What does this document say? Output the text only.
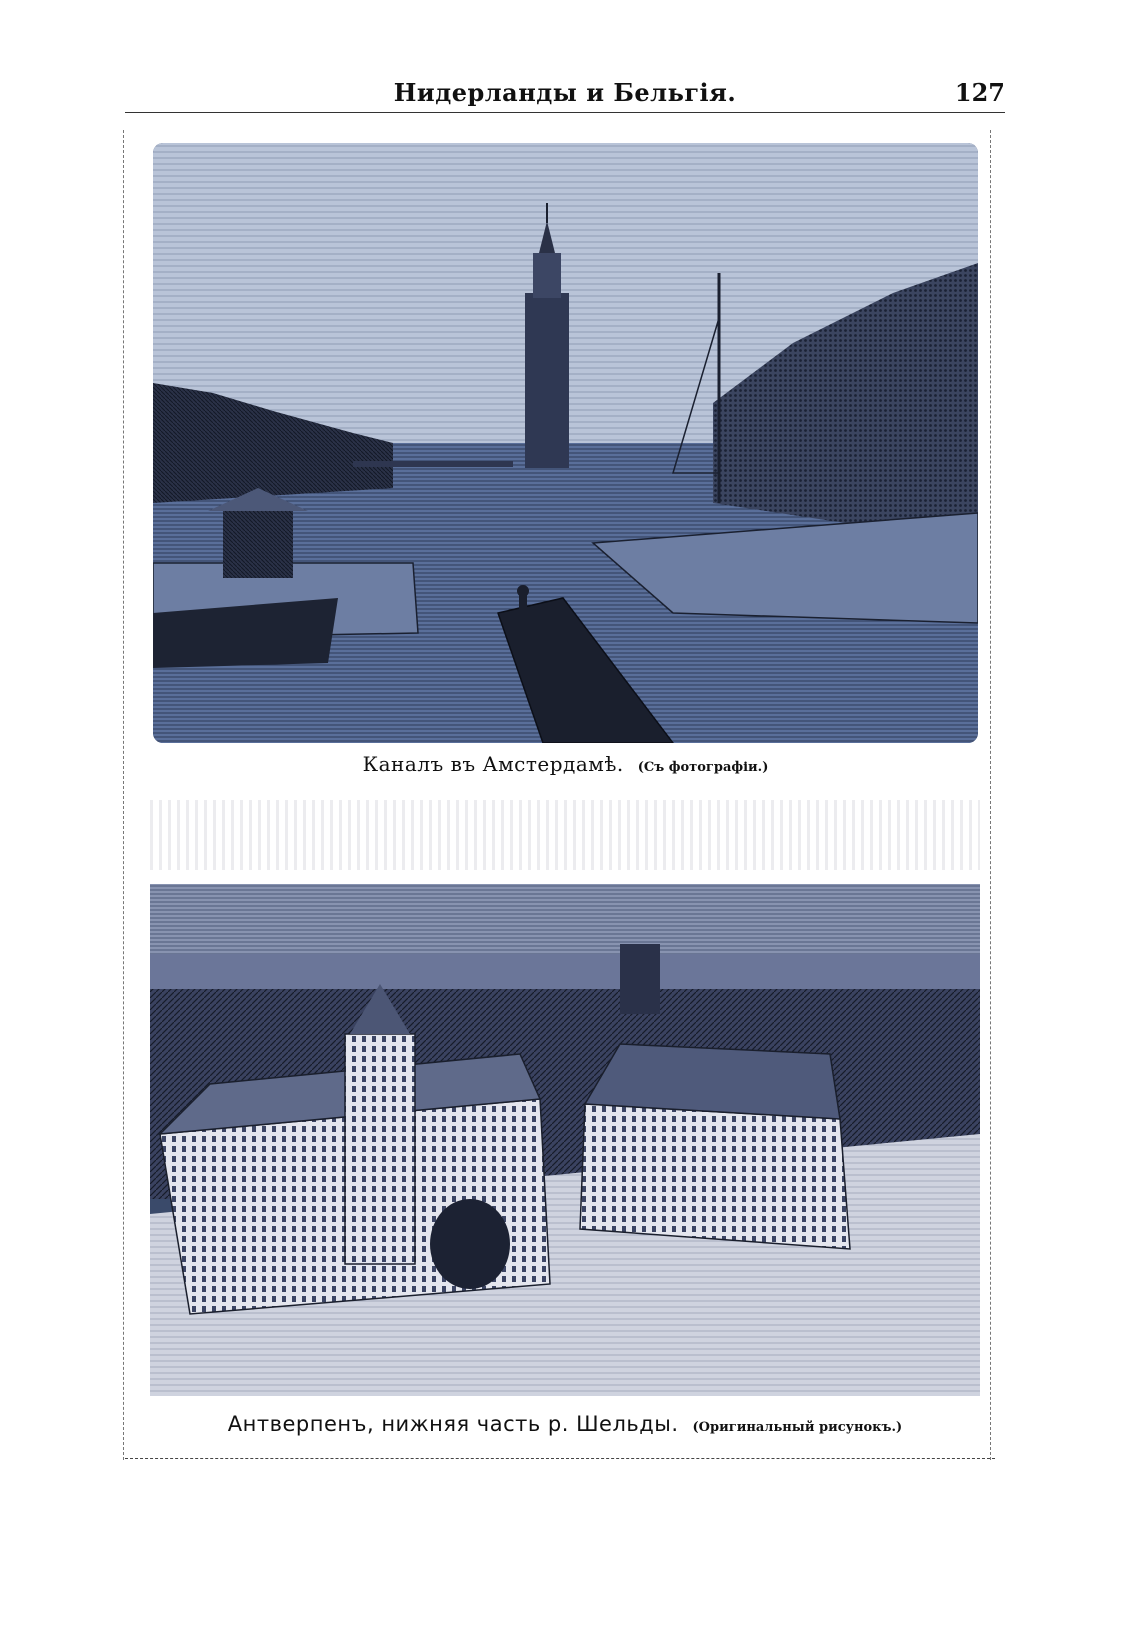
Нидерланды и Бельгія.	127
Каналъ въ Амстердамѣ. (Съ фотографіи.)
Антверпенъ, нижняя часть р. Шельды. (Оригинальный рисунокъ.)
